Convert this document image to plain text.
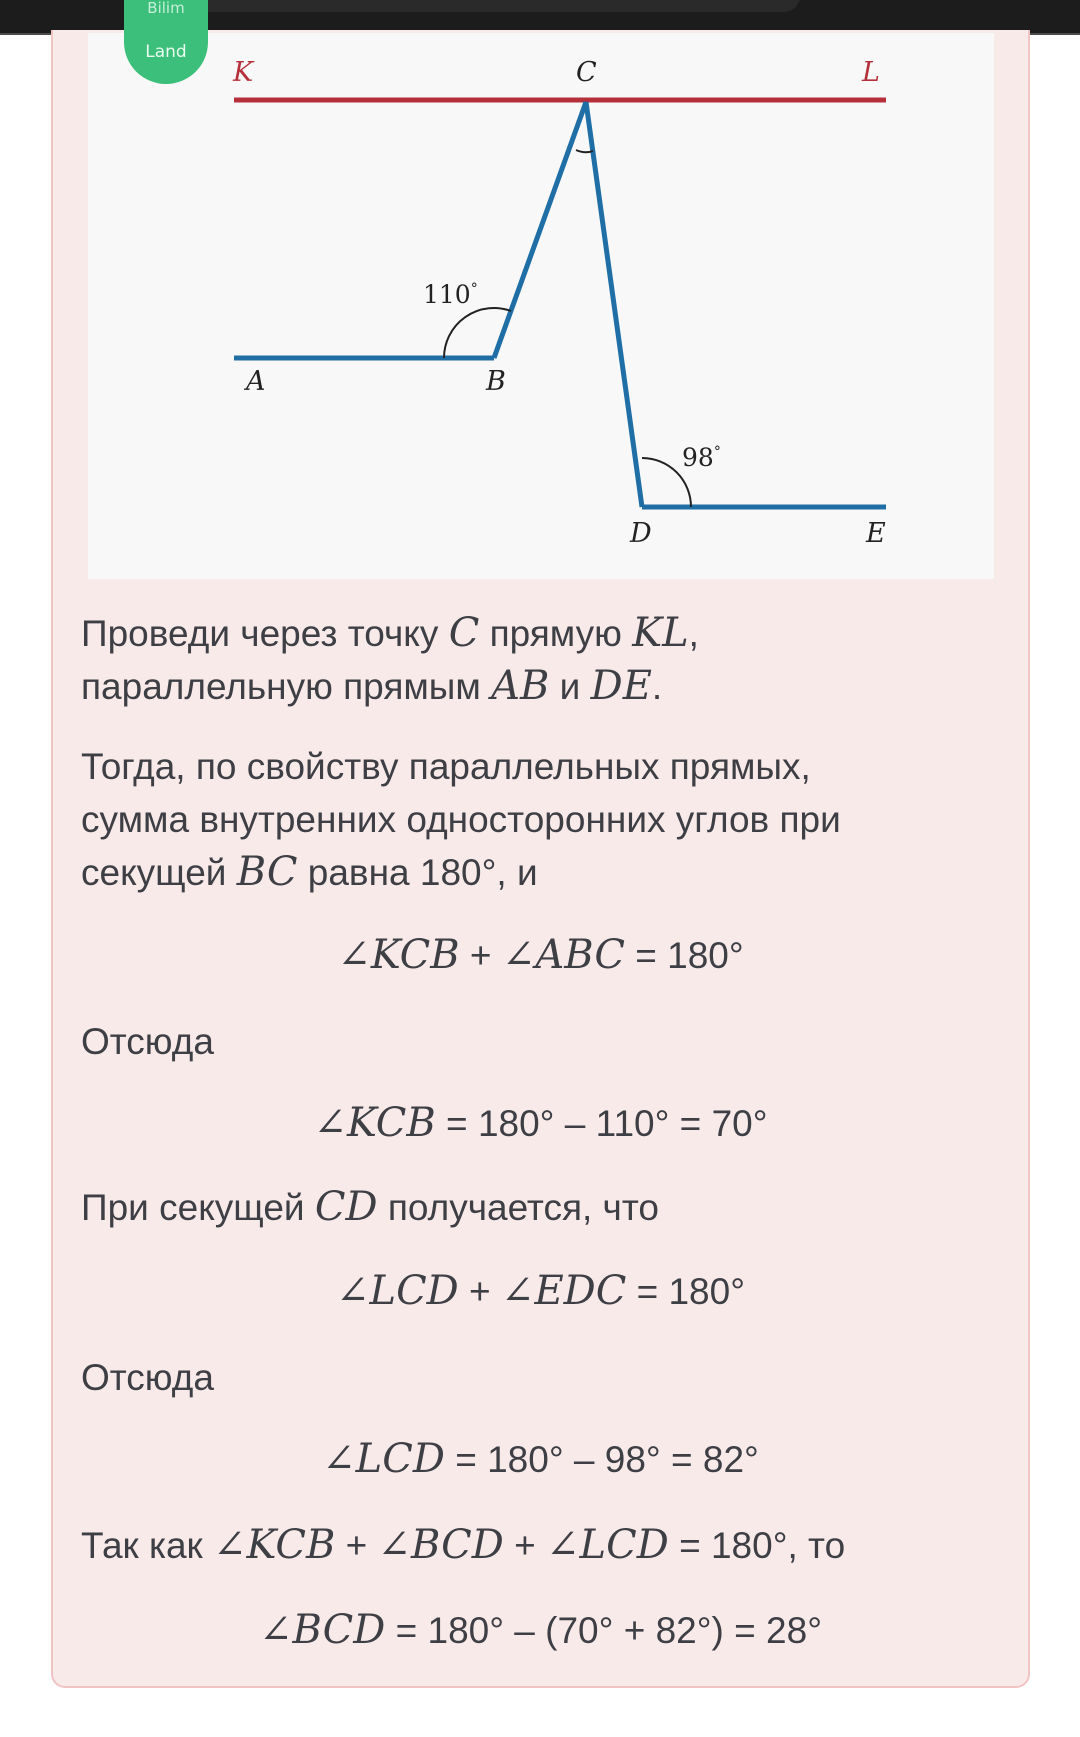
K	C	L
A	B
D	E
110°
98°
Bilim
Land
Проведи через точку C прямую KL,
параллельную прямым AB и DE.
Тогда, по свойству параллельных прямых,
сумма внутренних односторонних углов при
секущей BC равна 180°, и
∠KCB + ∠ABC = 180°
Отсюда
∠KCB = 180° – 110° = 70°
При секущей CD получается, что
∠LCD + ∠EDC = 180°
Отсюда
∠LCD = 180° – 98° = 82°
Так как ∠KCB + ∠BCD + ∠LCD = 180°, то
∠BCD = 180° – (70° + 82°) = 28°
